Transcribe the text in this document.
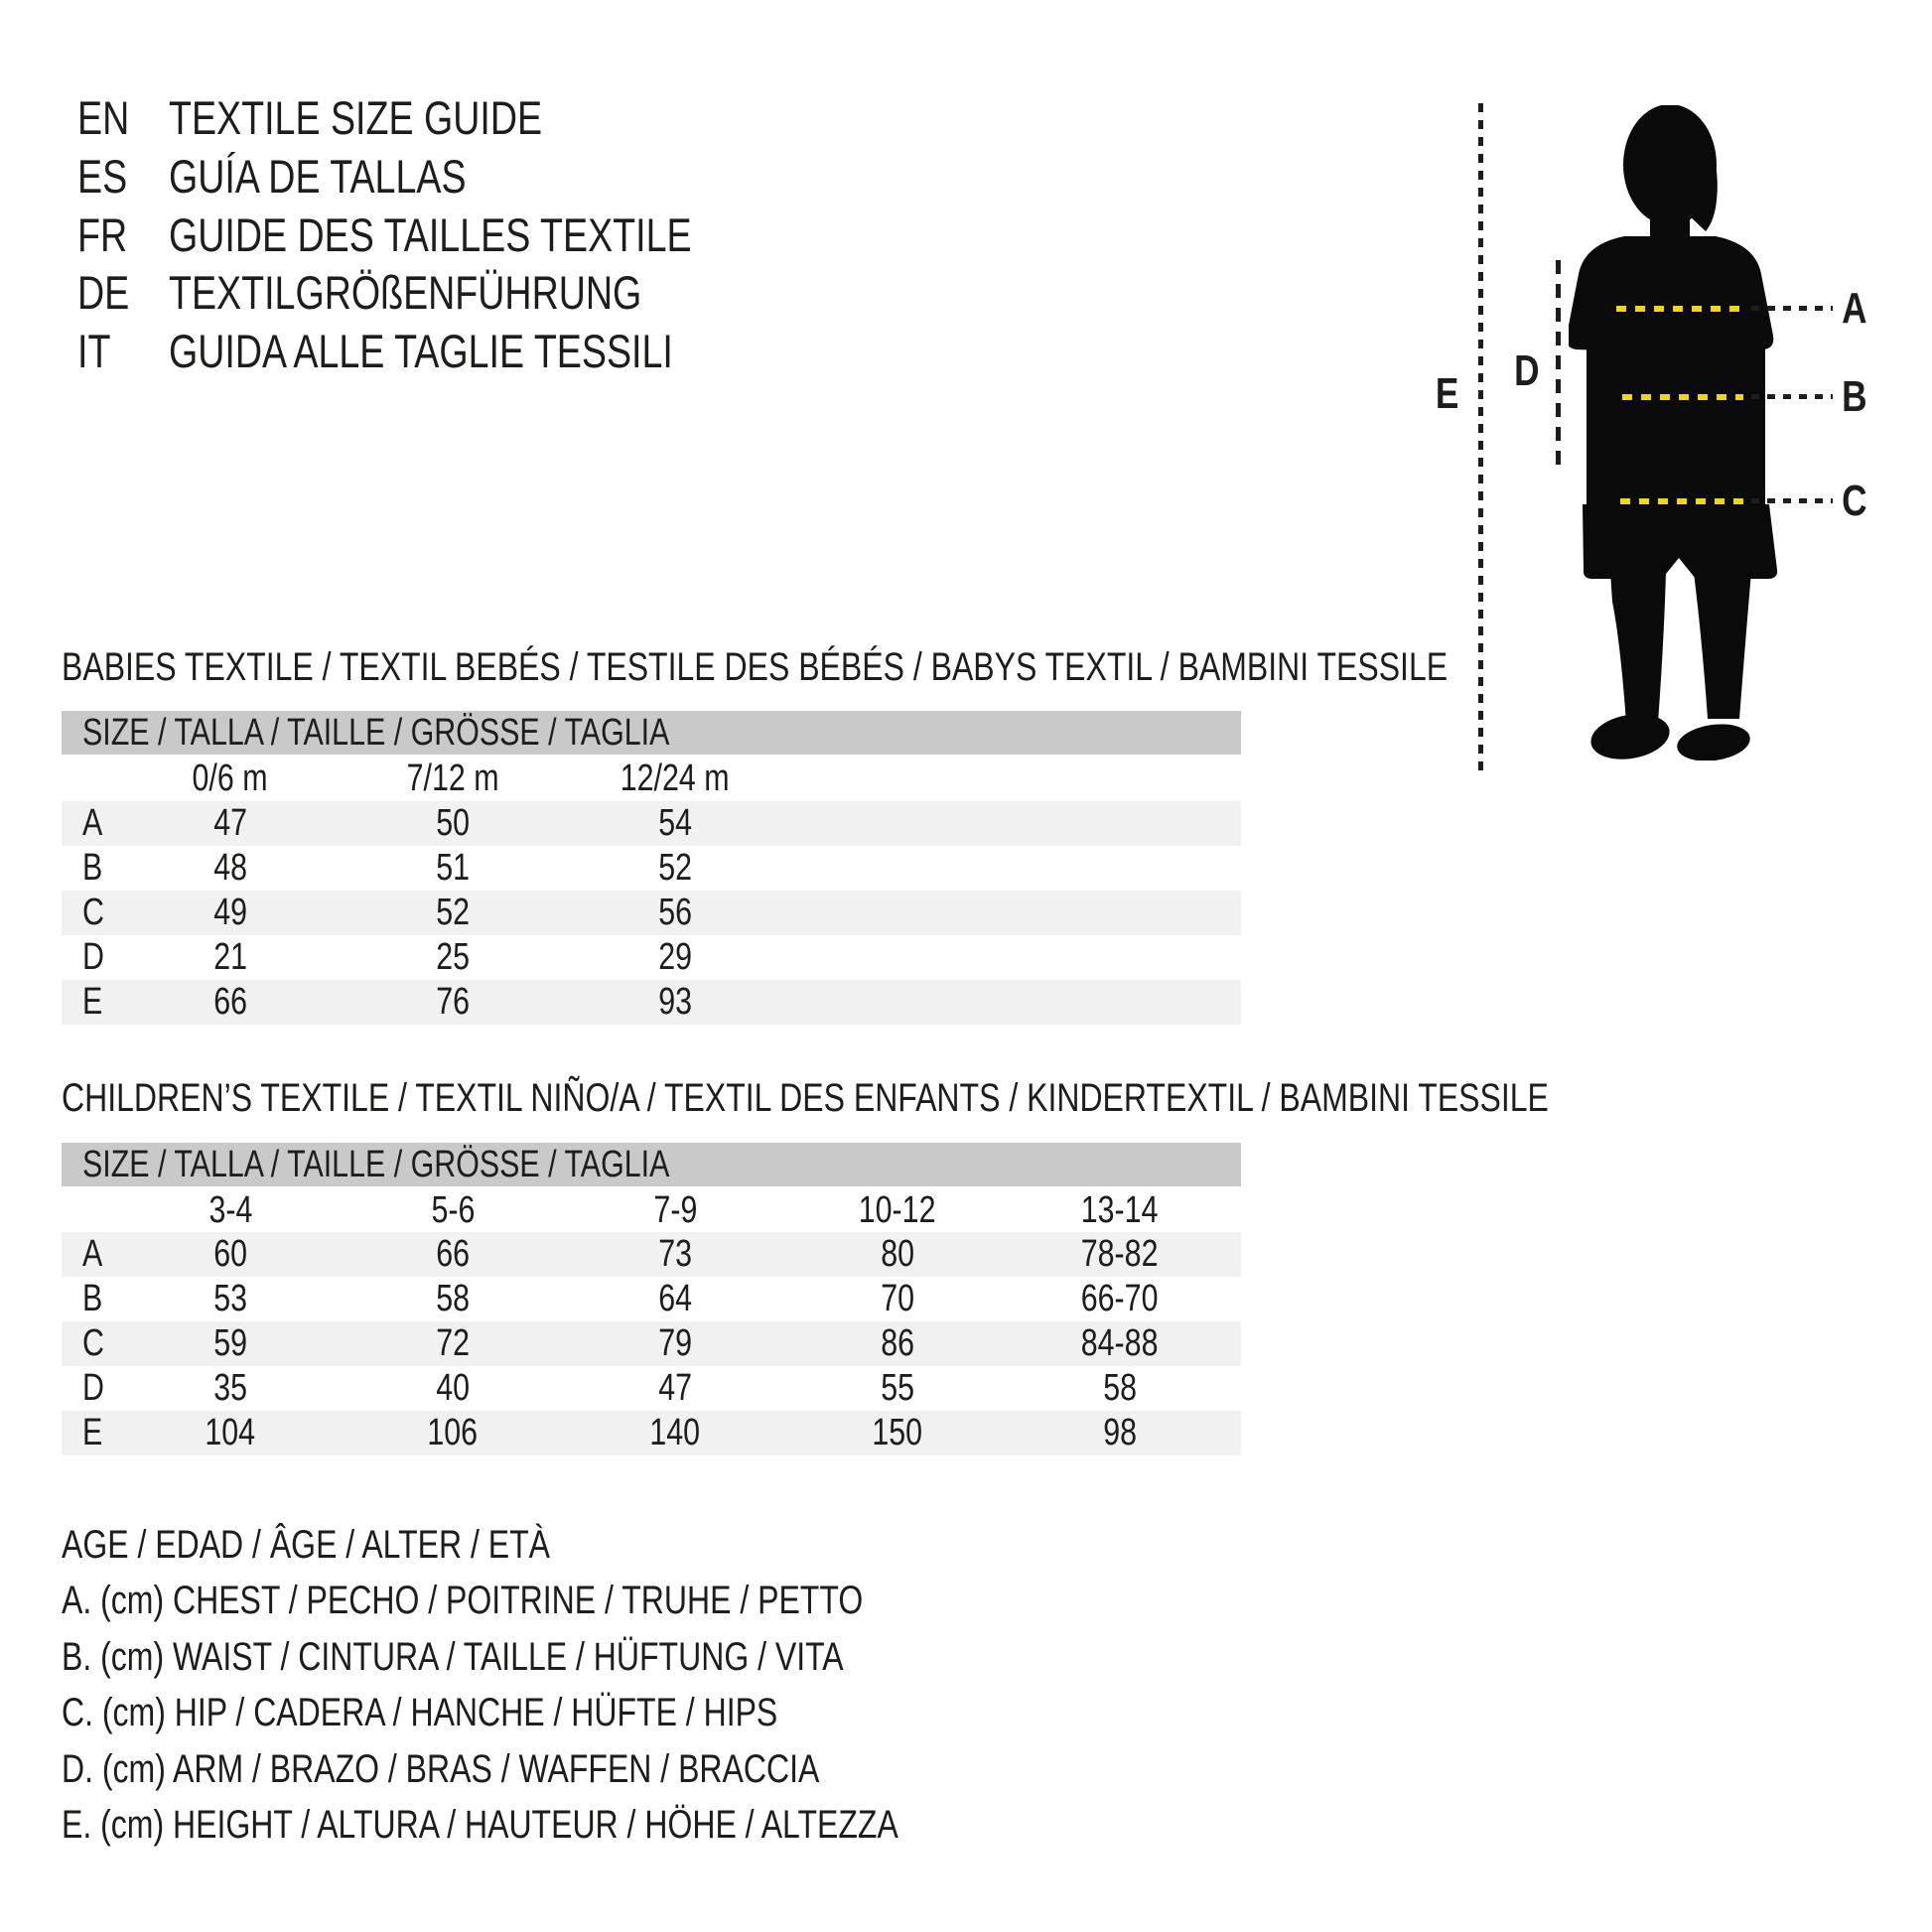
EN TEXTILE SIZE GUIDE
ES GUÍA DE TALLAS
FR GUIDE DES TAILLES TEXTILE
DE TEXTILGRÖßENFÜHRUNG
IT GUIDA ALLE TAGLIE TESSILI
E D
A
B
C
BABIES TEXTILE / TEXTIL BEBÉS / TESTILE DES BÉBÉS / BABYS TEXTIL / BAMBINI TESSILE
SIZE / TALLA / TAILLE / GRÖSSE / TAGLIA
0/6 m	7/12 m	12/24 m
A	47	50	54
B	48	51	52
C	49	52	56
D	21	25	29
E	66	76	93
CHILDREN’S TEXTILE / TEXTIL NIÑO/A / TEXTIL DES ENFANTS / KINDERTEXTIL / BAMBINI TESSILE
SIZE / TALLA / TAILLE / GRÖSSE / TAGLIA
3-4	5-6	7-9	10-12	13-14
A	60	66	73	80	78-82
B	53	58	64	70	66-70
C	59	72	79	86	84-88
D	35	40	47	55	58
E	104	106	140	150	98
AGE / EDAD / ÂGE / ALTER / ETÀ
A. (cm) CHEST / PECHO / POITRINE / TRUHE / PETTO
B. (cm) WAIST / CINTURA / TAILLE / HÜFTUNG / VITA
C. (cm) HIP / CADERA / HANCHE / HÜFTE / HIPS
D. (cm) ARM / BRAZO / BRAS / WAFFEN / BRACCIA
E. (cm) HEIGHT / ALTURA / HAUTEUR / HÖHE / ALTEZZA
